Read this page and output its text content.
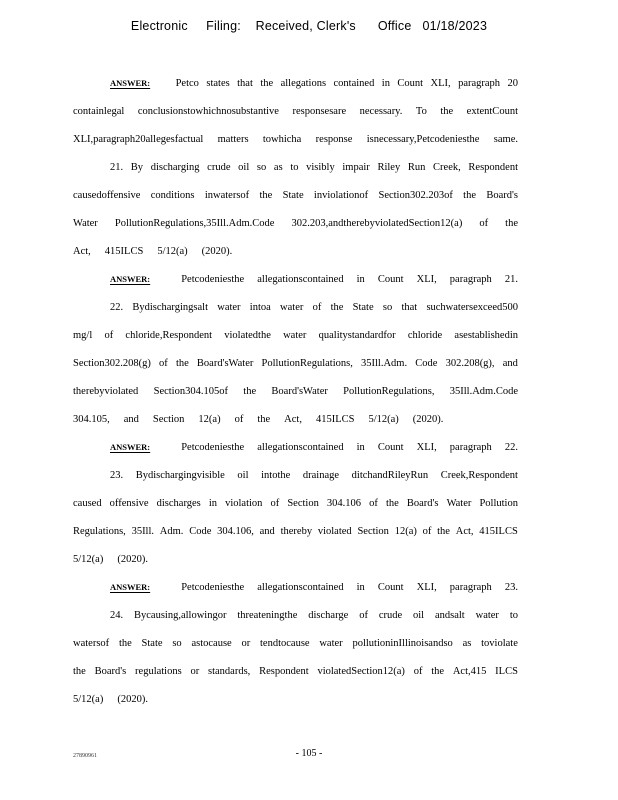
Electronic     Filing:    Received, Clerk's      Office   01/18/2023
ANSWER:	Petco states that the allegations contained in Count XLI, paragraph 20
containlegal conclusionstowhichnosubstantive responsesare necessary. To the extentCount
XLI,paragraph20allegesfactual matters towhicha response isnecessary,Petcodeniesthe same.
21. By discharging crude oil so as to visibly impair Riley Run Creek, Respondent
causedoffensive conditions inwatersof the State inviolationof Section302.203of the Board's
Water PollutionRegulations,35Ill.Adm.Code 302.203,andtherebyviolatedSection12(a) of the
Act, 415ILCS 5/12(a) (2020).
ANSWER:	Petcodeniesthe allegationscontained in Count XLI, paragraph 21.
22. Bydischargingsalt water intoa water of the State so that suchwatersexceed500
mg/l of chloride,Respondent violatedthe water qualitystandardfor chloride asestablishedin
Section302.208(g) of the Board'sWater PollutionRegulations, 35Ill.Adm. Code 302.208(g), and
therebyviolated Section304.105of the Board'sWater PollutionRegulations, 35Ill.Adm.Code
304.105, and Section 12(a) of the Act, 415ILCS 5/12(a) (2020).
ANSWER:	Petcodeniesthe allegationscontained in Count XLI, paragraph 22.
23. Bydischargingvisible oil intothe drainage ditchandRileyRun Creek,Respondent
caused offensive discharges in violation of Section 304.106 of the Board's Water Pollution
Regulations, 35Ill. Adm. Code 304.106, and thereby violated Section 12(a) of the Act, 415ILCS
5/12(a) (2020).
ANSWER:	Petcodeniesthe allegationscontained in Count XLI, paragraph 23.
24. Bycausing,allowingor threateningthe discharge of crude oil andsalt water to
watersof the State so astocause or tendtocause water pollutioninIllinoisandso as toviolate
the Board's regulations or standards, Respondent violatedSection12(a) of the Act,415 ILCS
5/12(a) (2020).
27890961	- 105 -
